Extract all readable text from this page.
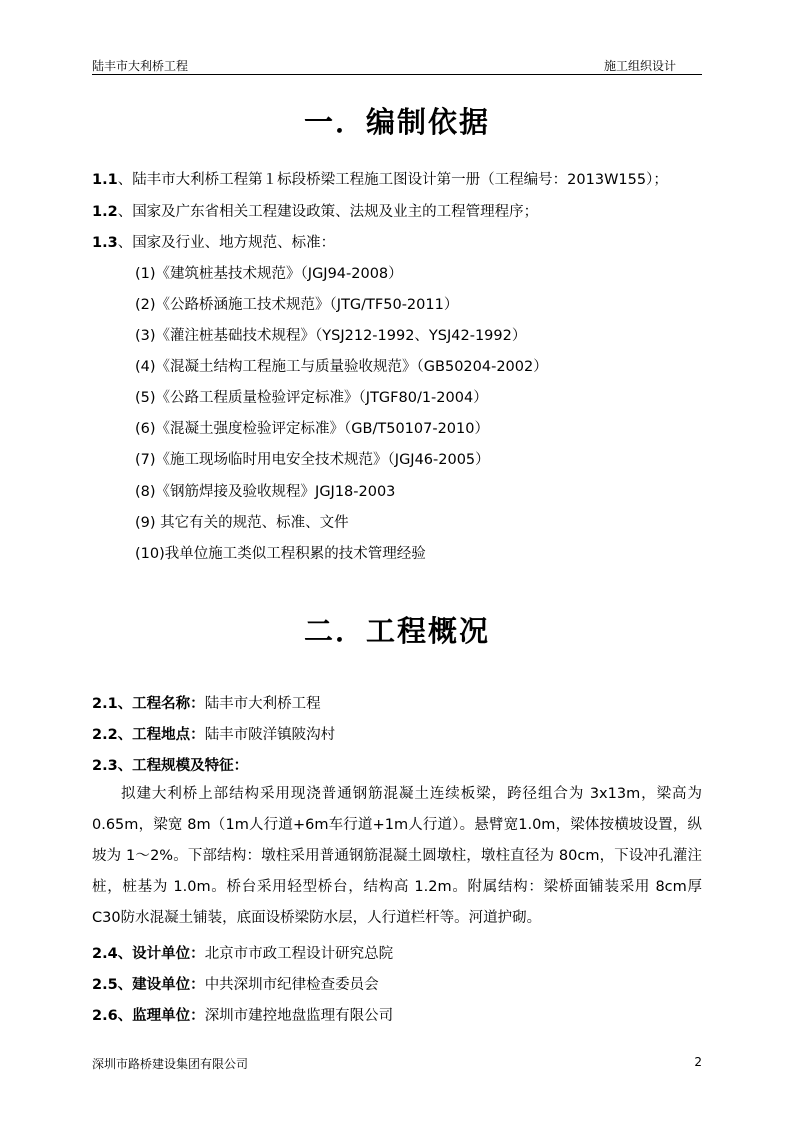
陆丰市大利桥工程	施工组织设计
一．编制依据
1.1、陆丰市大利桥工程第１标段桥梁工程施工图设计第一册（工程编号：2013W155）；
1.2、国家及广东省相关工程建设政策、法规及业主的工程管理程序；
1.3、国家及行业、地方规范、标准：
(1)《建筑桩基技术规范》（JGJ94-2008）
(2)《公路桥涵施工技术规范》（JTG/TF50-2011）
(3)《灌注桩基础技术规程》（YSJ212-1992、YSJ42-1992）
(4)《混凝土结构工程施工与质量验收规范》（GB50204-2002）
(5)《公路工程质量检验评定标准》（JTGF80/1-2004）
(6)《混凝土强度检验评定标准》（GB/T50107-2010）
(7)《施工现场临时用电安全技术规范》（JGJ46-2005）
(8)《钢筋焊接及验收规程》JGJ18-2003
(9) 其它有关的规范、标准、文件
(10)我单位施工类似工程积累的技术管理经验
二．工程概况
2.1、工程名称：陆丰市大利桥工程
2.2、工程地点：陆丰市陂洋镇陂沟村
2.3、工程规模及特征：
拟建大利桥上部结构采用现浇普通钢筋混凝土连续板梁，跨径组合为 3x13m，梁高为 0.65m，梁宽 8m（1m人行道+6m车行道+1m人行道）。悬臂宽1.0m，梁体按横坡设置，纵坡为 1～2%。下部结构：墩柱采用普通钢筋混凝土圆墩柱，墩柱直径为 80cm，下设冲孔灌注桩，桩基为 1.0m。桥台采用轻型桥台，结构高 1.2m。附属结构：梁桥面铺装采用 8cm厚C30防水混凝土铺装，底面设桥梁防水层，人行道栏杆等。河道护砌。
2.4、设计单位：北京市市政工程设计研究总院
2.5、建设单位：中共深圳市纪律检查委员会
2.6、监理单位：深圳市建控地盘监理有限公司
深圳市路桥建设集团有限公司	2
